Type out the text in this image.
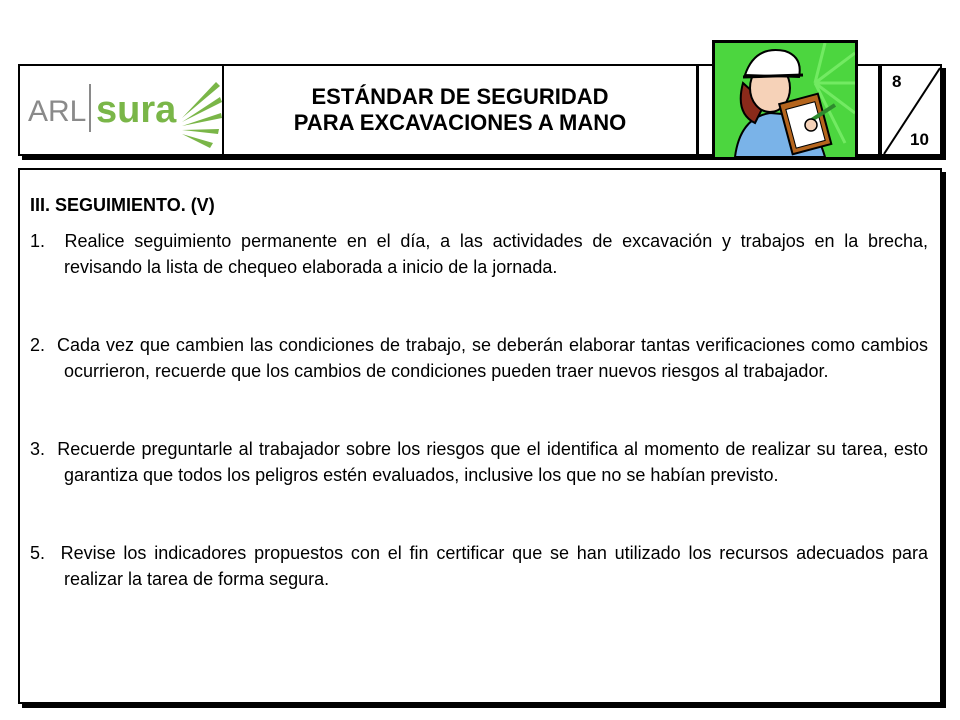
ARL sura	ESTÁNDAR DE SEGURIDAD
PARA EXCAVACIONES A MANO
8
10
III. SEGUIMIENTO. (V)
1. Realice seguimiento permanente en el día, a las actividades de excavación y trabajos en la brecha, revisando la lista de chequeo elaborada a inicio de la jornada.
2. Cada vez que cambien las condiciones de trabajo, se deberán elaborar tantas verificaciones como cambios ocurrieron, recuerde que los cambios de condiciones pueden traer nuevos riesgos al trabajador.
3. Recuerde preguntarle al trabajador sobre los riesgos que el identifica al momento de realizar su tarea, esto garantiza que todos los peligros estén evaluados, inclusive los que no se habían previsto.
5. Revise los indicadores propuestos con el fin certificar que se han utilizado los recursos adecuados para realizar la tarea de forma segura.
